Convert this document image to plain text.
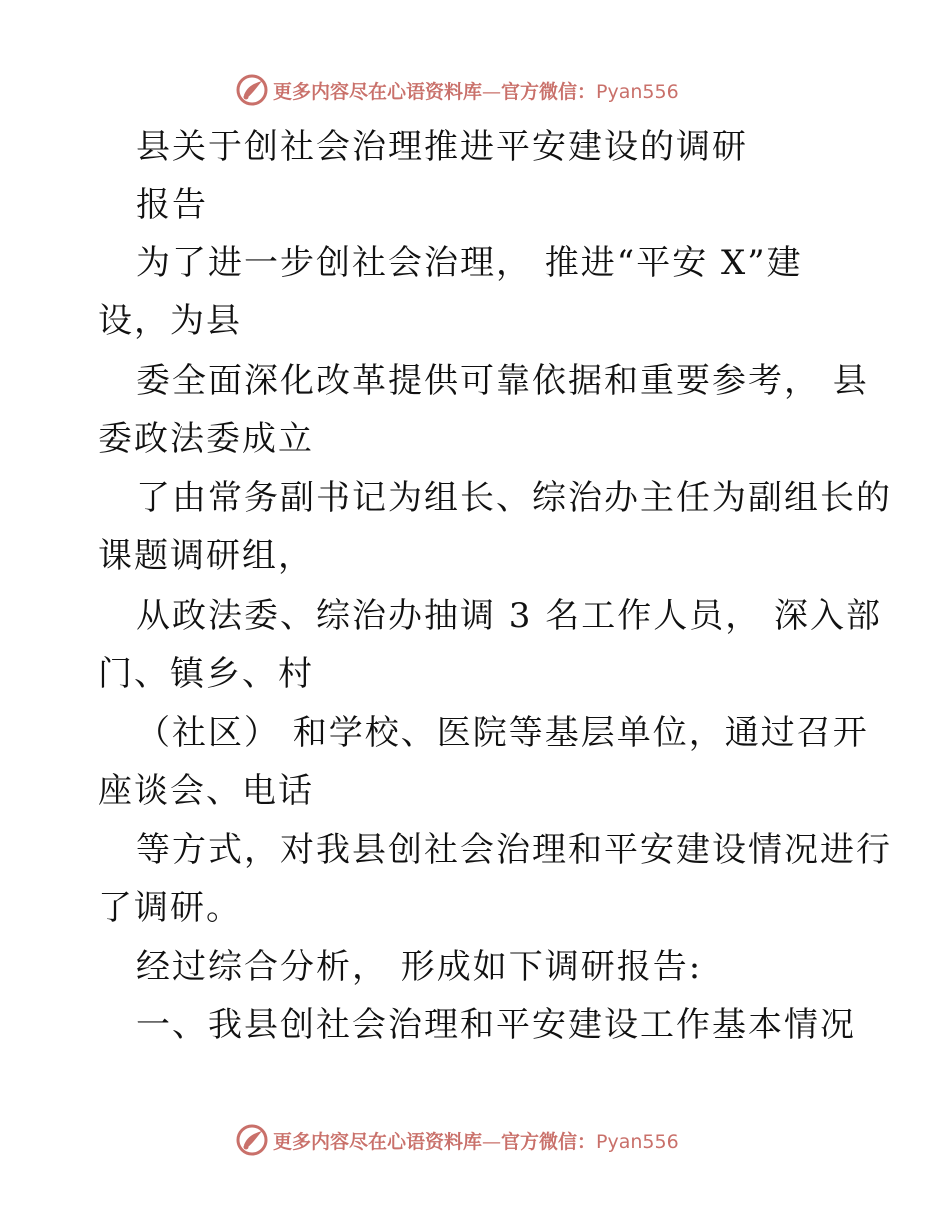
更多内容尽在心语资料库—官方微信：Pyan556
县关于创社会治理推进平安建设的调研
报告
为了进一步创社会治理， 推进“平安 X”建
设，为县
委全面深化改革提供可靠依据和重要参考， 县
委政法委成立
了由常务副书记为组长、综治办主任为副组长的
课题调研组，
从政法委、综治办抽调 3 名工作人员， 深入部
门、镇乡、村
（社区） 和学校、医院等基层单位，通过召开
座谈会、电话
等方式，对我县创社会治理和平安建设情况进行
了调研。
经过综合分析， 形成如下调研报告:
一、我县创社会治理和平安建设工作基本情况
更多内容尽在心语资料库—官方微信：Pyan556
